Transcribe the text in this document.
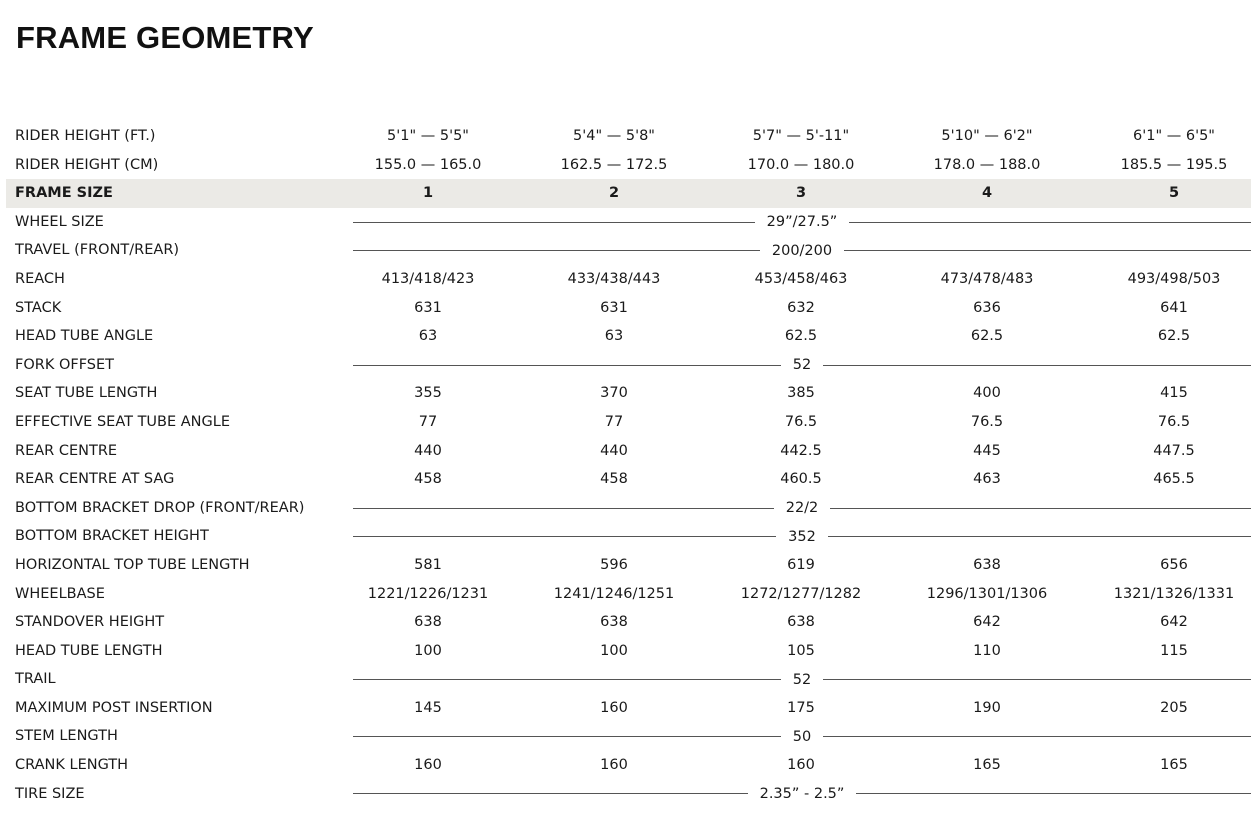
FRAME GEOMETRY
RIDER HEIGHT (FT.)	5'1" — 5'5"	5'4" — 5'8"	5'7" — 5'-11"	5'10" — 6'2"	6'1" — 6'5"
RIDER HEIGHT (CM)	155.0 — 165.0	162.5 — 172.5	170.0 — 180.0	178.0 — 188.0	185.5 — 195.5
FRAME SIZE	1	2	3	4	5
WHEEL SIZE	29”/27.5”
TRAVEL (FRONT/REAR)	200/200
REACH	413/418/423	433/438/443	453/458/463	473/478/483	493/498/503
STACK	631	631	632	636	641
HEAD TUBE ANGLE	63	63	62.5	62.5	62.5
FORK OFFSET	52
SEAT TUBE LENGTH	355	370	385	400	415
EFFECTIVE SEAT TUBE ANGLE	77	77	76.5	76.5	76.5
REAR CENTRE	440	440	442.5	445	447.5
REAR CENTRE AT SAG	458	458	460.5	463	465.5
BOTTOM BRACKET DROP (FRONT/REAR)	22/2
BOTTOM BRACKET HEIGHT	352
HORIZONTAL TOP TUBE LENGTH	581	596	619	638	656
WHEELBASE	1221/1226/1231	1241/1246/1251	1272/1277/1282	1296/1301/1306	1321/1326/1331
STANDOVER HEIGHT	638	638	638	642	642
HEAD TUBE LENGTH	100	100	105	110	115
TRAIL	52
MAXIMUM POST INSERTION	145	160	175	190	205
STEM LENGTH	50
CRANK LENGTH	160	160	160	165	165
TIRE SIZE	2.35” - 2.5”
